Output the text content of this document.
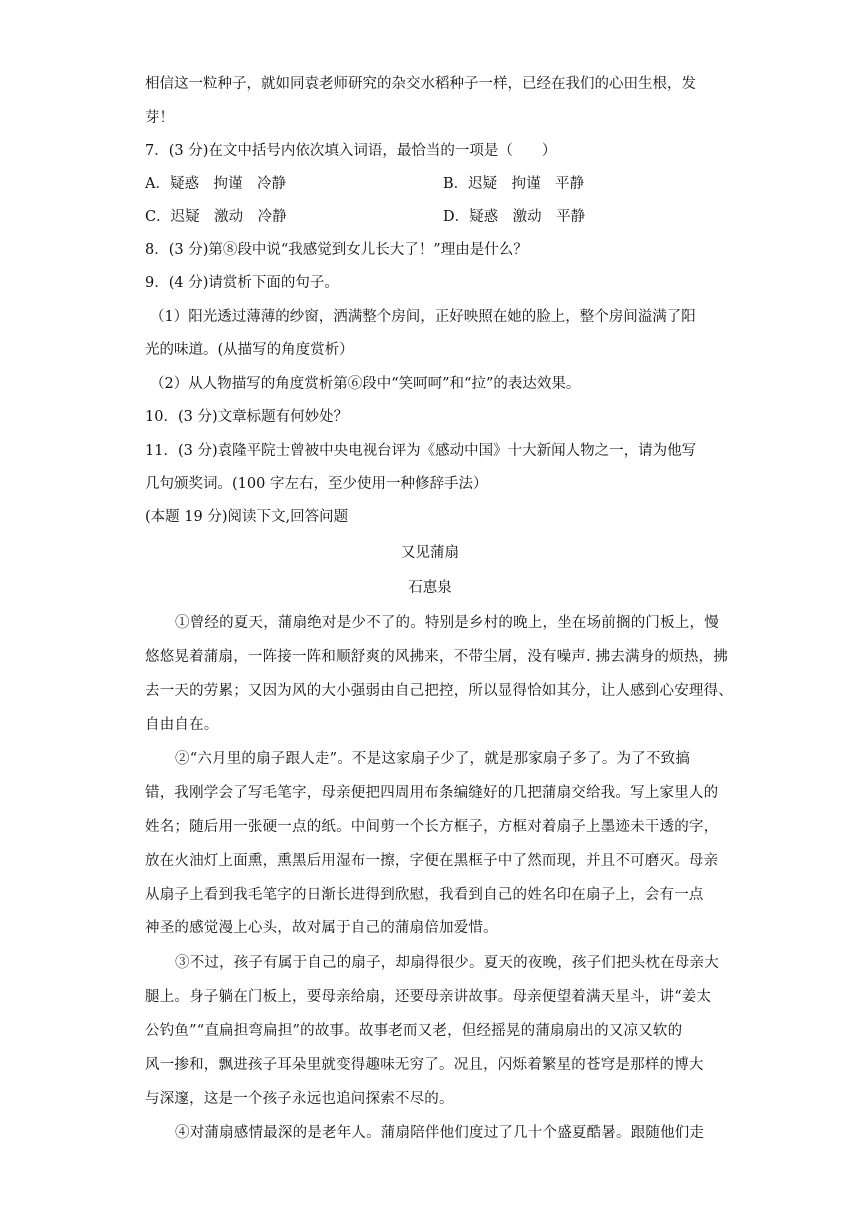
相信这一粒种子，就如同袁老师研究的杂交水稻种子一样，已经在我们的心田生根，发
芽！
7．(3 分)在文中括号内依次填入词语，最恰当的一项是（　　）
A．疑惑　拘谨　冷静	B．迟疑　拘谨　平静
C．迟疑　激动　冷静	D．疑惑　激动　平静
8．(3 分)第⑧段中说“我感觉到女儿长大了！”理由是什么？
9．(4 分)请赏析下面的句子。
（1）阳光透过薄薄的纱窗，洒满整个房间，正好映照在她的脸上，整个房间溢满了阳
光的味道。(从描写的角度赏析）
（2）从人物描写的角度赏析第⑥段中“笑呵呵”和“拉”的表达效果。
10．(3 分)文章标题有何妙处？
11．(3 分)袁隆平院士曾被中央电视台评为《感动中国》十大新闻人物之一，请为他写
几句颁奖词。(100 字左右，至少使用一种修辞手法）
(本题 19 分)阅读下文,回答问题
又见蒲扇
石恵泉
①曾经的夏天，蒲扇绝对是少不了的。特别是乡村的晚上，坐在场前搁的门板上，慢
悠悠晃着蒲扇，一阵接一阵和顺舒爽的风拂来，不带尘屑，没有噪声. 拂去满身的烦热，拂
去一天的劳累；又因为风的大小强弱由自己把控，所以显得恰如其分，让人感到心安理得、
自由自在。
②“六月里的扇子跟人走”。不是这家扇子少了，就是那家扇子多了。为了不致搞
错，我刚学会了写毛笔字，母亲便把四周用布条编缝好的几把蒲扇交给我。写上家里人的
姓名；随后用一张硬一点的纸。中间剪一个长方框子，方框对着扇子上墨迹未干透的字，
放在火油灯上面熏，熏黑后用湿布一擦，字便在黑框子中了然而现，并且不可磨灭。母亲
从扇子上看到我毛笔字的日渐长进得到欣慰，我看到自己的姓名印在扇子上，会有一点
神圣的感觉漫上心头，故对属于自己的蒲扇倍加爱惜。
③不过，孩子有属于自己的扇子，却扇得很少。夏天的夜晚，孩子们把头枕在母亲大
腿上。身子躺在门板上，要母亲给扇，还要母亲讲故事。母亲便望着满天星斗，讲“姜太
公钓鱼”“直扁担弯扁担”的故事。故事老而又老，但经摇晃的蒲扇扇出的又凉又软的
风一掺和，飘进孩子耳朵里就变得趣味无穷了。况且，闪烁着繁星的苍穹是那样的博大
与深邃，这是一个孩子永远也追问探索不尽的。
④对蒲扇感情最深的是老年人。蒲扇陪伴他们度过了几十个盛夏酷暑。跟随他们走
